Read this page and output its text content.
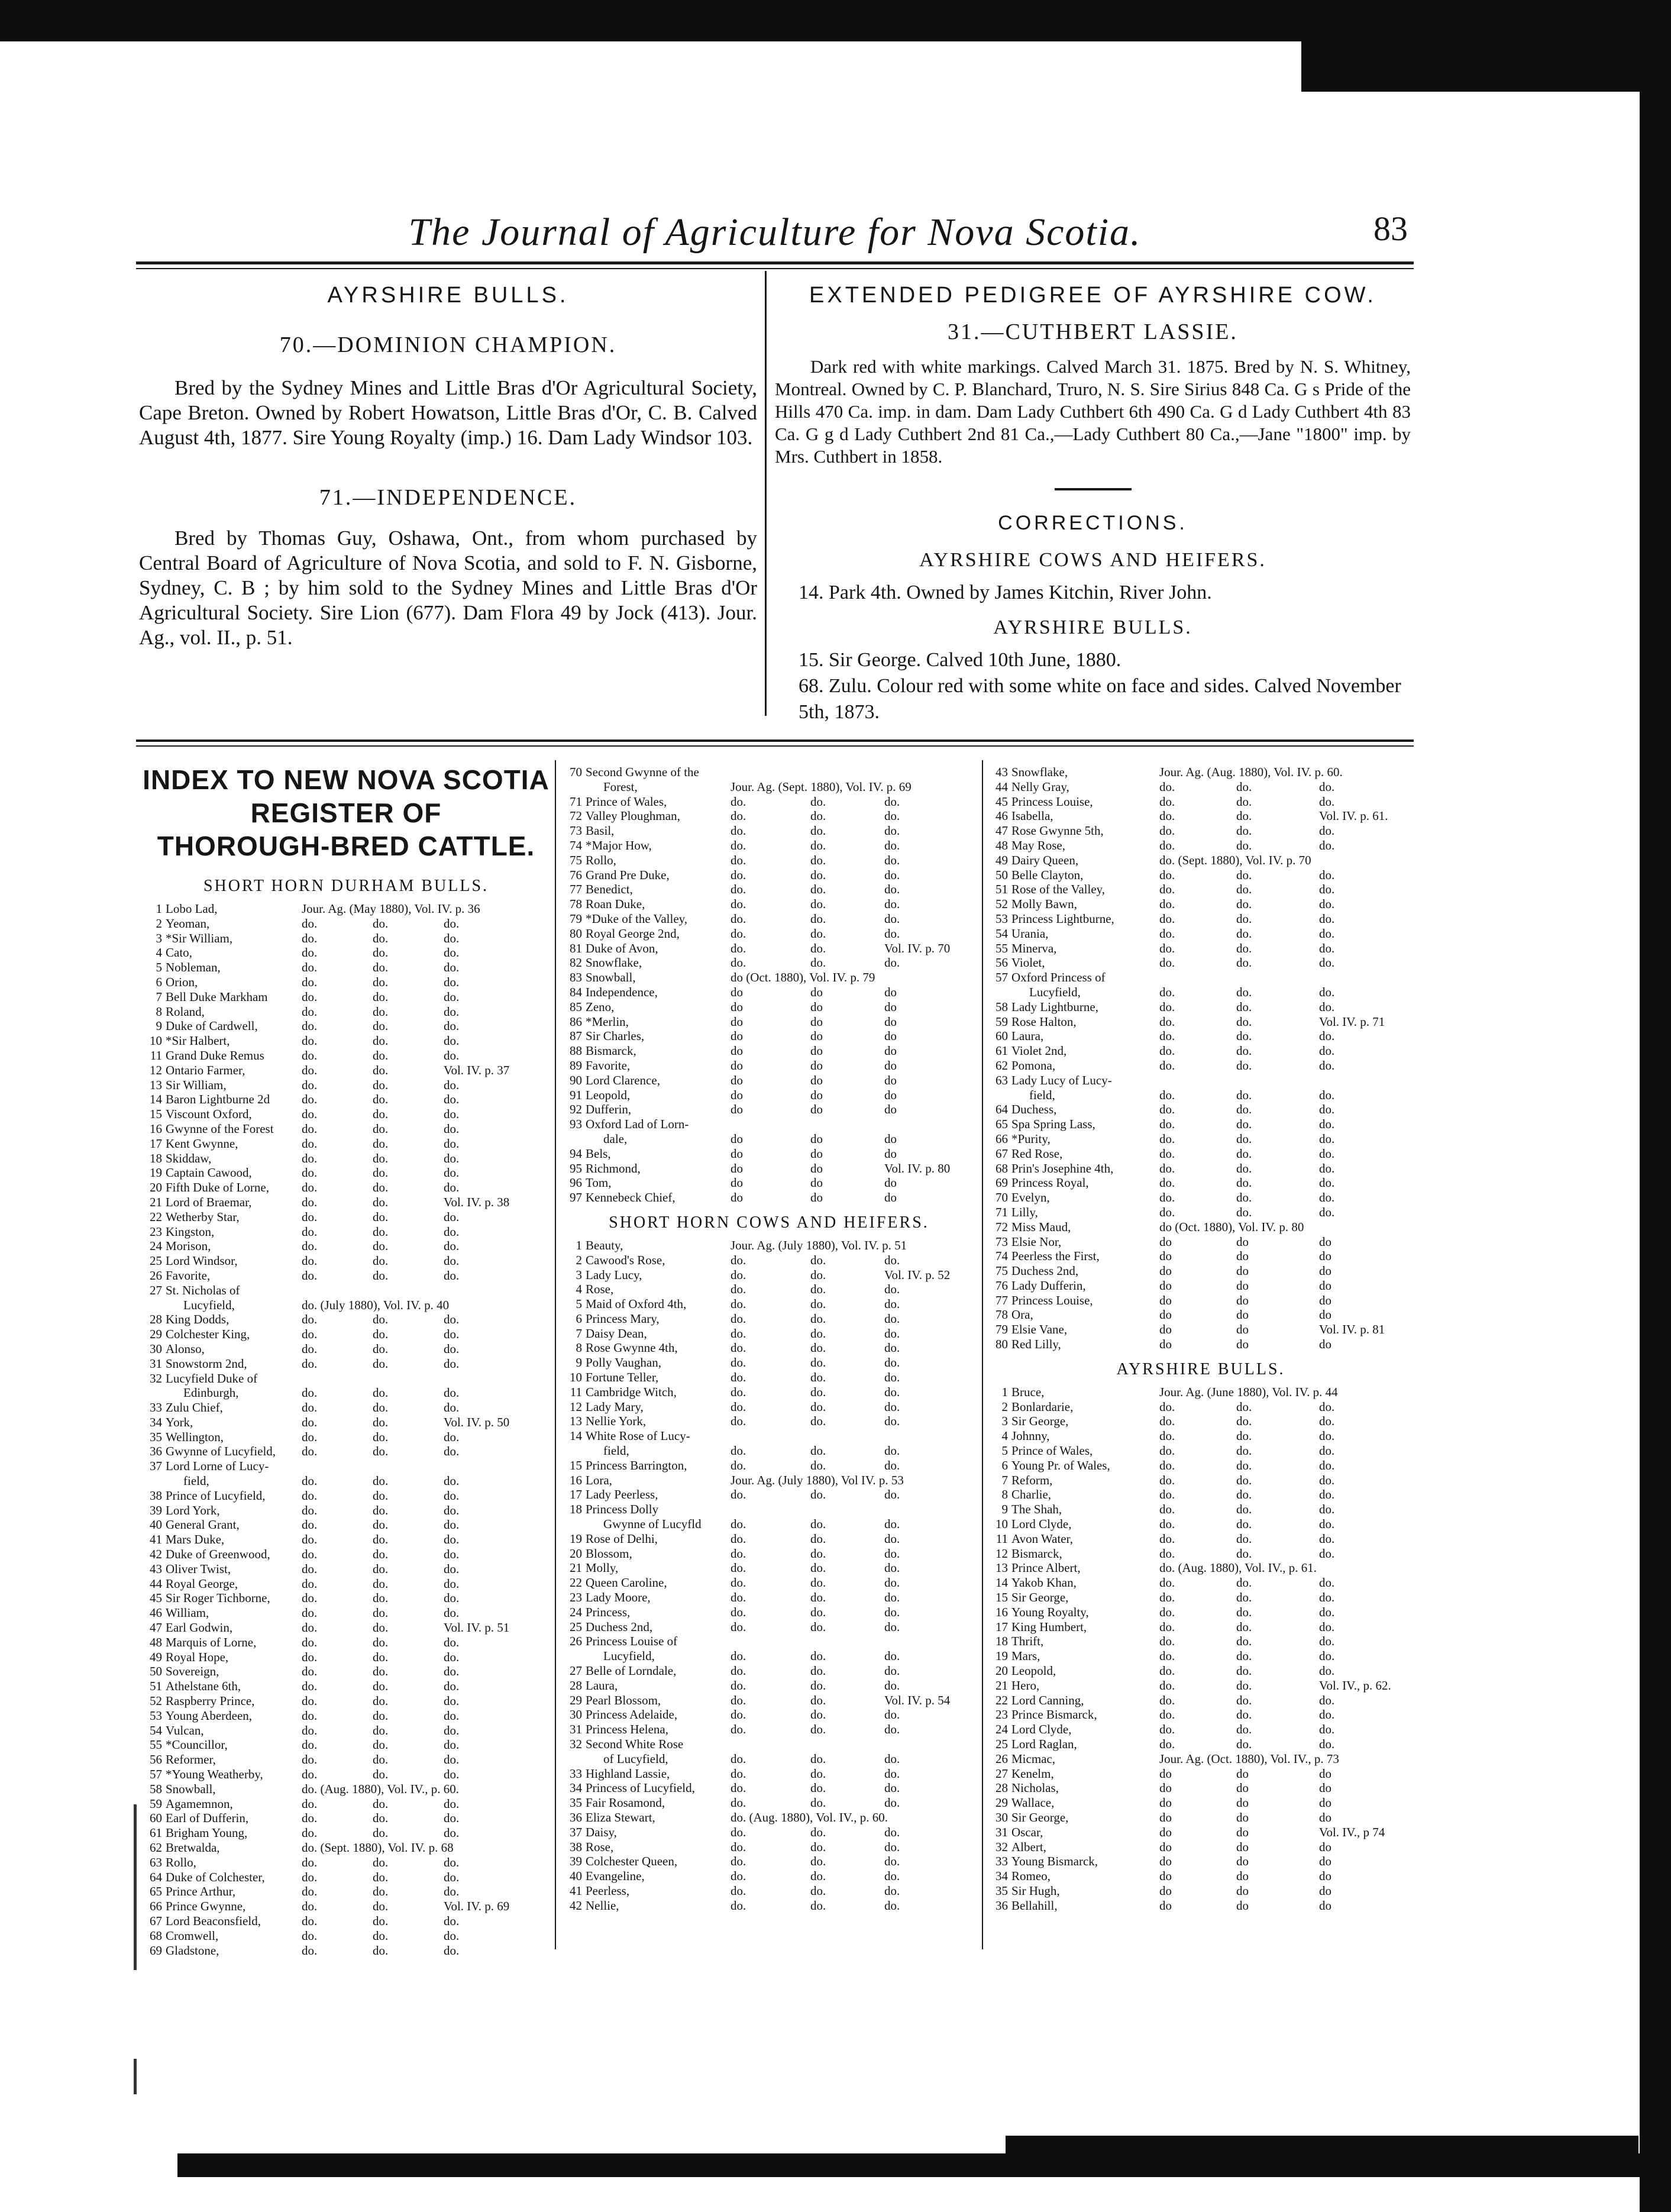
The Journal of Agriculture for Nova Scotia.	83
AYRSHIRE BULLS.
70.—DOMINION CHAMPION.
Bred by the Sydney Mines and Little Bras d'Or Agricultural Society, Cape Breton. Owned by Robert Howatson, Little Bras d'Or, C. B. Calved August 4th, 1877. Sire Young Royalty (imp.) 16. Dam Lady Windsor 103.
71.—INDEPENDENCE.
Bred by Thomas Guy, Oshawa, Ont., from whom purchased by Central Board of Agriculture of Nova Scotia, and sold to F. N. Gisborne, Sydney, C. B ; by him sold to the Sydney Mines and Little Bras d'Or Agricultural Society. Sire Lion (677). Dam Flora 49 by Jock (413). Jour. Ag., vol. II., p. 51.
EXTENDED PEDIGREE OF AYRSHIRE COW.
31.—CUTHBERT LASSIE.
Dark red with white markings. Calved March 31. 1875. Bred by N. S. Whitney, Montreal. Owned by C. P. Blanchard, Truro, N. S. Sire Sirius 848 Ca. G s Pride of the Hills 470 Ca. imp. in dam. Dam Lady Cuthbert 6th 490 Ca. G d Lady Cuthbert 4th 83 Ca. G g d Lady Cuthbert 2nd 81 Ca.,—Lady Cuthbert 80 Ca.,—Jane "1800" imp. by Mrs. Cuthbert in 1858.
CORRECTIONS.
AYRSHIRE COWS AND HEIFERS.
14. Park 4th. Owned by James Kitchin, River John.
AYRSHIRE BULLS.
15. Sir George. Calved 10th June, 1880.
68. Zulu. Colour red with some white on face and sides. Calved November 5th, 1873.
INDEX TO NEW NOVA SCOTIA REGISTER OF
THOROUGH-BRED CATTLE.
SHORT HORN DURHAM BULLS.
1 Lobo Lad,	Jour. Ag. (May 1880), Vol. IV. p. 36
2 Yeoman,	do.	do.	do.
3 *Sir William,	do.	do.	do.
4 Cato,	do.	do.	do.
5 Nobleman,	do.	do.	do.
6 Orion,	do.	do.	do.
7 Bell Duke Markham	do.	do.	do.
8 Roland,	do.	do.	do.
9 Duke of Cardwell,	do.	do.	do.
10 *Sir Halbert,	do.	do.	do.
11 Grand Duke Remus	do.	do.	do.
12 Ontario Farmer,	do.	do.	Vol. IV. p. 37
13 Sir William,	do.	do.	do.
14 Baron Lightburne 2d	do.	do.	do.
15 Viscount Oxford,	do.	do.	do.
16 Gwynne of the Forest do.	do.	do.
17 Kent Gwynne,	do.	do.	do.
18 Skiddaw,	do.	do.	do.
19 Captain Cawood,	do.	do.	do.
20 Fifth Duke of Lorne,	do.	do.	do.
21 Lord of Braemar,	do.	do.	Vol. IV. p. 38
22 Wetherby Star,	do.	do.	do.
23 Kingston,	do.	do.	do.
24 Morison,	do.	do.	do.
25 Lord Windsor,	do.	do.	do.
26 Favorite,	do.	do.	do.
27 St. Nicholas of
Lucyfield,	do. (July 1880), Vol. IV. p. 40
28 King Dodds,	do.	do.	do.
29 Colchester King,	do.	do.	do.
30 Alonso,	do.	do.	do.
31 Snowstorm 2nd,	do.	do.	do.
32 Lucyfield Duke of
Edinburgh,	do.	do.	do.
33 Zulu Chief,	do.	do.	do.
34 York,	do.	do.	Vol. IV. p. 50
35 Wellington,	do.	do.	do.
36 Gwynne of Lucyfield, do.	do.	do.
37 Lord Lorne of Lucy-
field,	do.	do.	do.
38 Prince of Lucyfield,	do.	do.	do.
39 Lord York,	do.	do.	do.
40 General Grant,	do.	do.	do.
41 Mars Duke,	do.	do.	do.
42 Duke of Greenwood,	do.	do.	do.
43 Oliver Twist,	do.	do.	do.
44 Royal George,	do.	do.	do.
45 Sir Roger Tichborne,	do.	do.	do.
46 William,	do.	do.	do.
47 Earl Godwin,	do.	do.	Vol. IV. p. 51
48 Marquis of Lorne,	do.	do.	do.
49 Royal Hope,	do.	do.	do.
50 Sovereign,	do.	do.	do.
51 Athelstane 6th,	do.	do.	do.
52 Raspberry Prince,	do.	do.	do.
53 Young Aberdeen,	do.	do.	do.
54 Vulcan,	do.	do.	do.
55 *Councillor,	do.	do.	do.
56 Reformer,	do.	do.	do.
57 *Young Weatherby,	do.	do.	do.
58 Snowball,	do. (Aug. 1880), Vol. IV., p. 60.
59 Agamemnon,	do.	do.	do.
60 Earl of Dufferin,	do.	do.	do.
61 Brigham Young,	do.	do.	do.
62 Bretwalda,	do. (Sept. 1880), Vol. IV. p. 68
63 Rollo,	do.	do.	do.
64 Duke of Colchester,	do.	do.	do.
65 Prince Arthur,	do.	do.	do.
66 Prince Gwynne,	do.	do.	Vol. IV. p. 69
67 Lord Beaconsfield,	do.	do.	do.
68 Cromwell,	do.	do.	do.
69 Gladstone,	do.	do.	do.
70 Second Gwynne of the
Forest,	Jour. Ag. (Sept. 1880), Vol. IV. p. 69
71 Prince of Wales,	do.	do.	do.
72 Valley Ploughman,	do.	do.	do.
73 Basil,	do.	do.	do.
74 *Major How,	do.	do.	do.
75 Rollo,	do.	do.	do.
76 Grand Pre Duke,	do.	do.	do.
77 Benedict,	do.	do.	do.
78 Roan Duke,	do.	do.	do.
79 *Duke of the Valley,	do.	do.	do.
80 Royal George 2nd,	do.	do.	do.
81 Duke of Avon,	do.	do.	Vol. IV. p. 70
82 Snowflake,	do.	do.	do.
83 Snowball,	do (Oct. 1880), Vol. IV. p. 79
84 Independence,	do	do	do
85 Zeno,	do	do	do
86 *Merlin,	do	do	do
87 Sir Charles,	do	do	do
88 Bismarck,	do	do	do
89 Favorite,	do	do	do
90 Lord Clarence,	do	do	do
91 Leopold,	do	do	do
92 Dufferin,	do	do	do
93 Oxford Lad of Lorn-
dale,	do	do	do
94 Bels,	do	do	do
95 Richmond,	do	do	Vol. IV. p. 80
96 Tom,	do	do	do
97 Kennebeck Chief,	do	do	do
SHORT HORN COWS AND HEIFERS.
1 Beauty,	Jour. Ag. (July 1880), Vol. IV. p. 51
2 Cawood's Rose,	do.	do.	do.
3 Lady Lucy,	do.	do.	Vol. IV. p. 52
4 Rose,	do.	do.	do.
5 Maid of Oxford 4th,	do.	do.	do.
6 Princess Mary,	do.	do.	do.
7 Daisy Dean,	do.	do.	do.
8 Rose Gwynne 4th,	do.	do.	do.
9 Polly Vaughan,	do.	do.	do.
10 Fortune Teller,	do.	do.	do.
11 Cambridge Witch,	do.	do.	do.
12 Lady Mary,	do.	do.	do.
13 Nellie York,	do.	do.	do.
14 White Rose of Lucy-
field,	do.	do.	do.
15 Princess Barrington,	do.	do.	do.
16 Lora,	Jour. Ag. (July 1880), Vol IV. p. 53
17 Lady Peerless,	do.	do.	do.
18 Princess Dolly
Gwynne of Lucyfld do.	do.	do.
19 Rose of Delhi,	do.	do.	do.
20 Blossom,	do.	do.	do.
21 Molly,	do.	do.	do.
22 Queen Caroline,	do.	do.	do.
23 Lady Moore,	do.	do.	do.
24 Princess,	do.	do.	do.
25 Duchess 2nd,	do.	do.	do.
26 Princess Louise of
Lucyfield,	do.	do.	do.
27 Belle of Lorndale,	do.	do.	do.
28 Laura,	do.	do.	do.
29 Pearl Blossom,	do.	do.	Vol. IV. p. 54
30 Princess Adelaide,	do.	do.	do.
31 Princess Helena,	do.	do.	do.
32 Second White Rose
of Lucyfield,	do.	do.	do.
33 Highland Lassie,	do.	do.	do.
34 Princess of Lucyfield,	do.	do.	do.
35 Fair Rosamond,	do.	do.	do.
36 Eliza Stewart,	do. (Aug. 1880), Vol. IV., p. 60.
37 Daisy,	do.	do.	do.
38 Rose,	do.	do.	do.
39 Colchester Queen,	do.	do.	do.
40 Evangeline,	do.	do.	do.
41 Peerless,	do.	do.	do.
42 Nellie,	do.	do.	do.
43 Snowflake,	Jour. Ag. (Aug. 1880), Vol. IV. p. 60.
44 Nelly Gray,	do.	do.	do.
45 Princess Louise,	do.	do.	do.
46 Isabella,	do.	do.	Vol. IV. p. 61.
47 Rose Gwynne 5th,	do.	do.	do.
48 May Rose,	do.	do.	do.
49 Dairy Queen,	do. (Sept. 1880), Vol. IV. p. 70
50 Belle Clayton,	do.	do.	do.
51 Rose of the Valley,	do.	do.	do.
52 Molly Bawn,	do.	do.	do.
53 Princess Lightburne,	do.	do.	do.
54 Urania,	do.	do.	do.
55 Minerva,	do.	do.	do.
56 Violet,	do.	do.	do.
57 Oxford Princess of
Lucyfield,	do.	do.	do.
58 Lady Lightburne,	do.	do.	do.
59 Rose Halton,	do.	do.	Vol. IV. p. 71
60 Laura,	do.	do.	do.
61 Violet 2nd,	do.	do.	do.
62 Pomona,	do.	do.	do.
63 Lady Lucy of Lucy-
field,	do.	do.	do.
64 Duchess,	do.	do.	do.
65 Spa Spring Lass,	do.	do.	do.
66 *Purity,	do.	do.	do.
67 Red Rose,	do.	do.	do.
68 Prin's Josephine 4th,	do.	do.	do.
69 Princess Royal,	do.	do.	do.
70 Evelyn,	do.	do.	do.
71 Lilly,	do.	do.	do.
72 Miss Maud,	do (Oct. 1880), Vol. IV. p. 80
73 Elsie Nor,	do	do	do
74 Peerless the First,	do	do	do
75 Duchess 2nd,	do	do	do
76 Lady Dufferin,	do	do	do
77 Princess Louise,	do	do	do
78 Ora,	do	do	do
79 Elsie Vane,	do	do	Vol. IV. p. 81
80 Red Lilly,	do	do	do
AYRSHIRE BULLS.
1 Bruce,	Jour. Ag. (June 1880), Vol. IV. p. 44
2 Bonlardarie,	do.	do.	do.
3 Sir George,	do.	do.	do.
4 Johnny,	do.	do.	do.
5 Prince of Wales,	do.	do.	do.
6 Young Pr. of Wales,	do.	do.	do.
7 Reform,	do.	do.	do.
8 Charlie,	do.	do.	do.
9 The Shah,	do.	do.	do.
10 Lord Clyde,	do.	do.	do.
11 Avon Water,	do.	do.	do.
12 Bismarck,	do.	do.	do.
13 Prince Albert,	do. (Aug. 1880), Vol. IV., p. 61.
14 Yakob Khan,	do.	do.	do.
15 Sir George,	do.	do.	do.
16 Young Royalty,	do.	do.	do.
17 King Humbert,	do.	do.	do.
18 Thrift,	do.	do.	do.
19 Mars,	do.	do.	do.
20 Leopold,	do.	do.	do.
21 Hero,	do.	do.	Vol. IV., p. 62.
22 Lord Canning,	do.	do.	do.
23 Prince Bismarck,	do.	do.	do.
24 Lord Clyde,	do.	do.	do.
25 Lord Raglan,	do.	do.	do.
26 Micmac,	Jour. Ag. (Oct. 1880), Vol. IV., p. 73
27 Kenelm,	do	do	do
28 Nicholas,	do	do	do
29 Wallace,	do	do	do
30 Sir George,	do	do	do
31 Oscar,	do	do	Vol. IV., p 74
32 Albert,	do	do	do
33 Young Bismarck,	do	do	do
34 Romeo,	do	do	do
35 Sir Hugh,	do	do	do
36 Bellahill,	do	do	do
